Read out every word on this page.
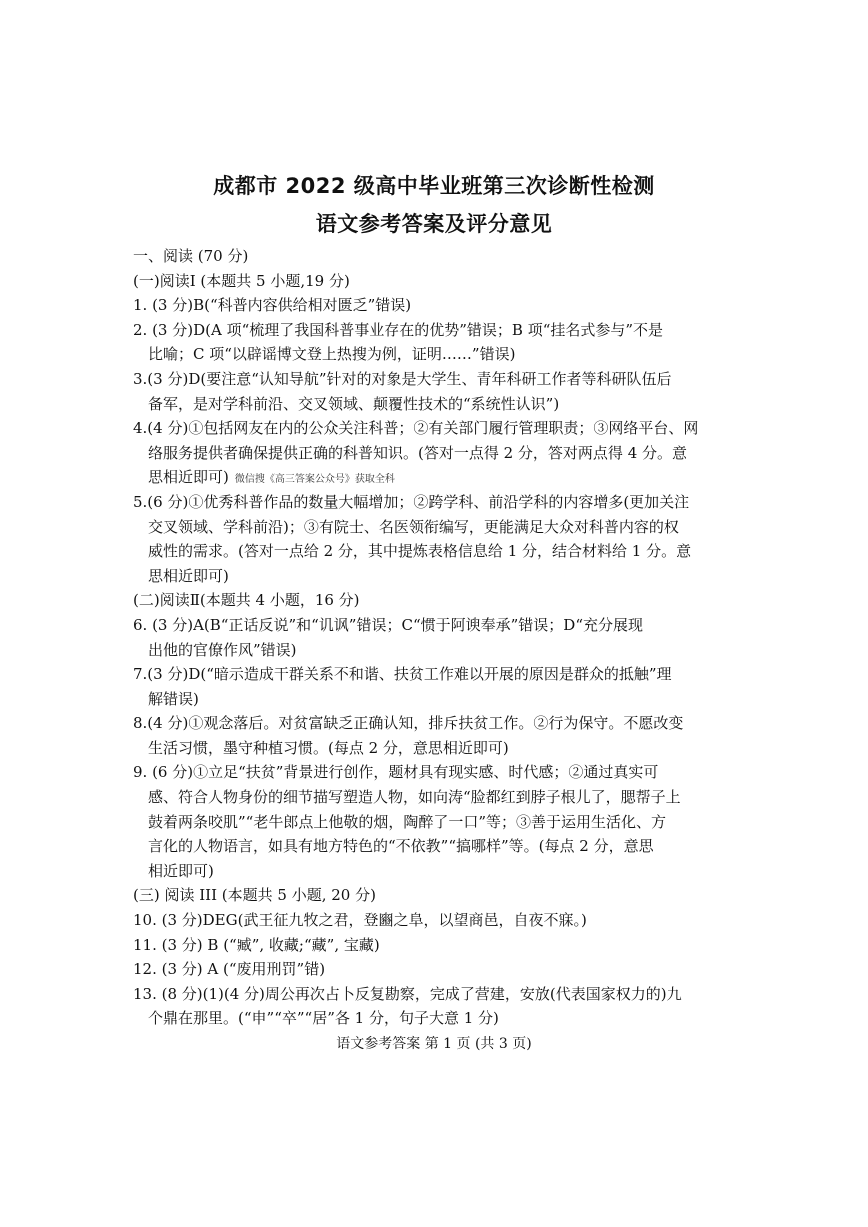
成都市 2022 级高中毕业班第三次诊断性检测
语文参考答案及评分意见
一、阅读 (70 分)
(一)阅读Ⅰ (本题共 5 小题,19 分)
1. (3 分)B(“科普内容供给相对匮乏”错误)
2. (3 分)D(A 项“梳理了我国科普事业存在的优势”错误；B 项“挂名式参与”不是
比喻；C 项“以辟谣博文登上热搜为例，证明……”错误)
3.(3 分)D(要注意“认知导航”针对的对象是大学生、青年科研工作者等科研队伍后
备军，是对学科前沿、交叉领域、颠覆性技术的“系统性认识”)
4.(4 分)①包括网友在内的公众关注科普；②有关部门履行管理职责；③网络平台、网
络服务提供者确保提供正确的科普知识。(答对一点得 2 分，答对两点得 4 分。意
思相近即可) 微信搜《高三答案公众号》获取全科
5.(6 分)①优秀科普作品的数量大幅增加；②跨学科、前沿学科的内容增多(更加关注
交叉领域、学科前沿)；③有院士、名医领衔编写，更能满足大众对科普内容的权
威性的需求。(答对一点给 2 分，其中提炼表格信息给 1 分，结合材料给 1 分。意
思相近即可)
(二)阅读Ⅱ(本题共 4 小题，16 分)
6. (3 分)A(B“正话反说”和“讥讽”错误；C“惯于阿谀奉承”错误；D“充分展现
出他的官僚作风”错误)
7.(3 分)D(“暗示造成干群关系不和谐、扶贫工作难以开展的原因是群众的抵触”理
解错误)
8.(4 分)①观念落后。对贫富缺乏正确认知，排斥扶贫工作。②行为保守。不愿改变
生活习惯，墨守种植习惯。(每点 2 分，意思相近即可)
9. (6 分)①立足“扶贫”背景进行创作，题材具有现实感、时代感；②通过真实可
感、符合人物身份的细节描写塑造人物，如向涛“脸都红到脖子根儿了，腮帮子上
鼓着两条咬肌”“老牛郎点上他敬的烟，陶醉了一口”等；③善于运用生活化、方
言化的人物语言，如具有地方特色的“不依教”“搞哪样”等。(每点 2 分，意思
相近即可)
(三) 阅读 III (本题共 5 小题, 20 分)
10. (3 分)DEG(武王征九牧之君，登豳之阜，以望商邑，自夜不寐。)
11. (3 分) B (“臧”, 收藏;“藏”, 宝藏)
12. (3 分) A (“废用刑罚”错)
13. (8 分)(1)(4 分)周公再次占卜反复勘察，完成了营建，安放(代表国家权力的)九
个鼎在那里。(“申”“卒”“居”各 1 分，句子大意 1 分)
语文参考答案 第 1 页 (共 3 页)
